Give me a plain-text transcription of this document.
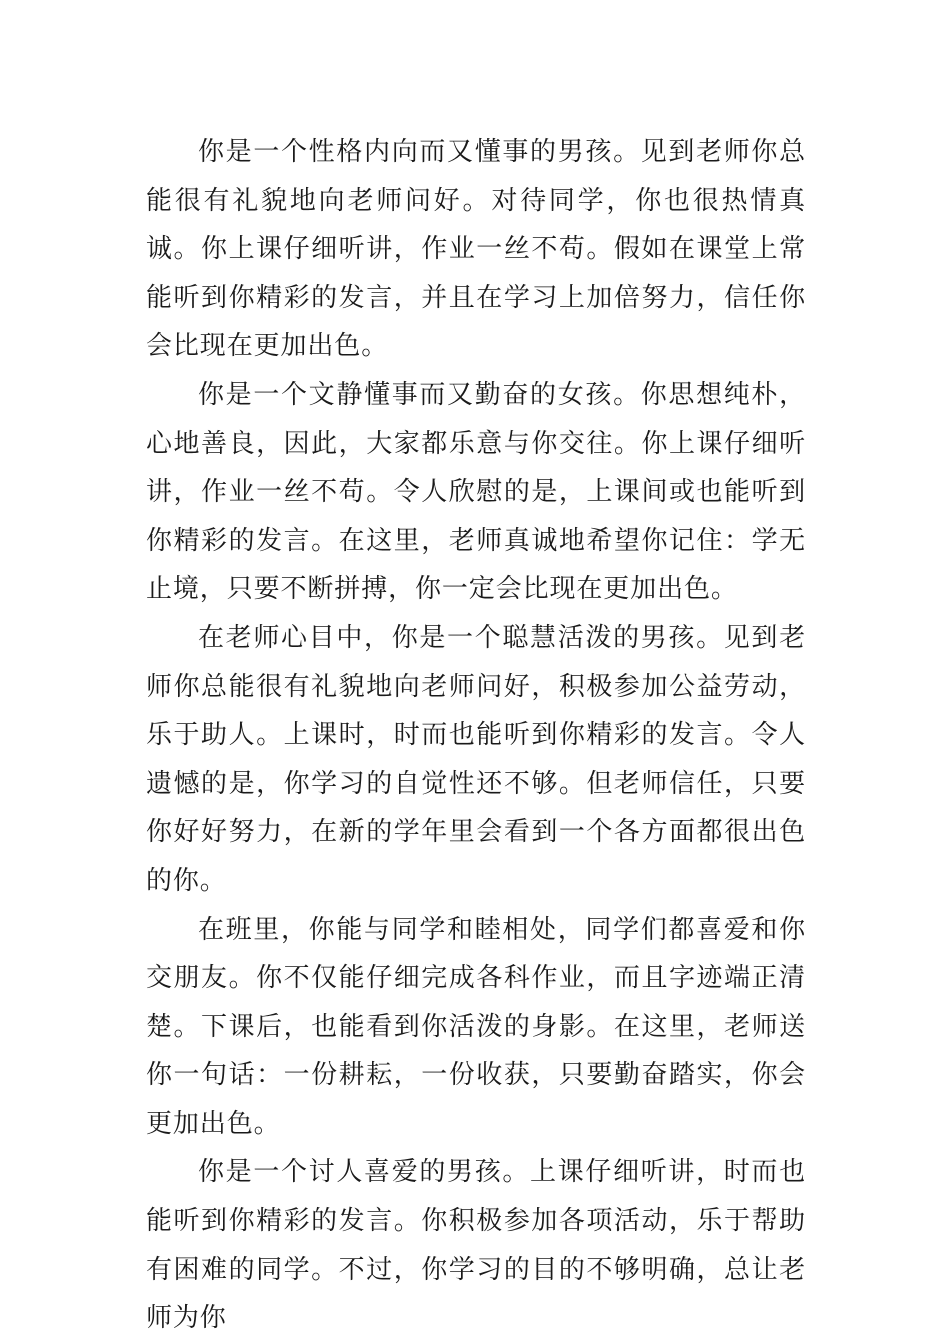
你是一个性格内向而又懂事的男孩。见到老师你总能很有礼貌地向老师问好。对待同学，你也很热情真诚。你上课仔细听讲，作业一丝不苟。假如在课堂上常能听到你精彩的发言，并且在学习上加倍努力，信任你会比现在更加出色。

你是一个文静懂事而又勤奋的女孩。你思想纯朴，心地善良，因此，大家都乐意与你交往。你上课仔细听讲，作业一丝不苟。令人欣慰的是，上课间或也能听到你精彩的发言。在这里，老师真诚地希望你记住：学无止境，只要不断拼搏，你一定会比现在更加出色。

在老师心目中，你是一个聪慧活泼的男孩。见到老师你总能很有礼貌地向老师问好，积极参加公益劳动，乐于助人。上课时，时而也能听到你精彩的发言。令人遗憾的是，你学习的自觉性还不够。但老师信任，只要你好好努力，在新的学年里会看到一个各方面都很出色的你。

在班里，你能与同学和睦相处，同学们都喜爱和你交朋友。你不仅能仔细完成各科作业，而且字迹端正清楚。下课后，也能看到你活泼的身影。在这里，老师送你一句话：一份耕耘，一份收获，只要勤奋踏实，你会更加出色。

你是一个讨人喜爱的男孩。上课仔细听讲，时而也能听到你精彩的发言。你积极参加各项活动，乐于帮助有困难的同学。不过，你学习的目的不够明确，总让老师为你
